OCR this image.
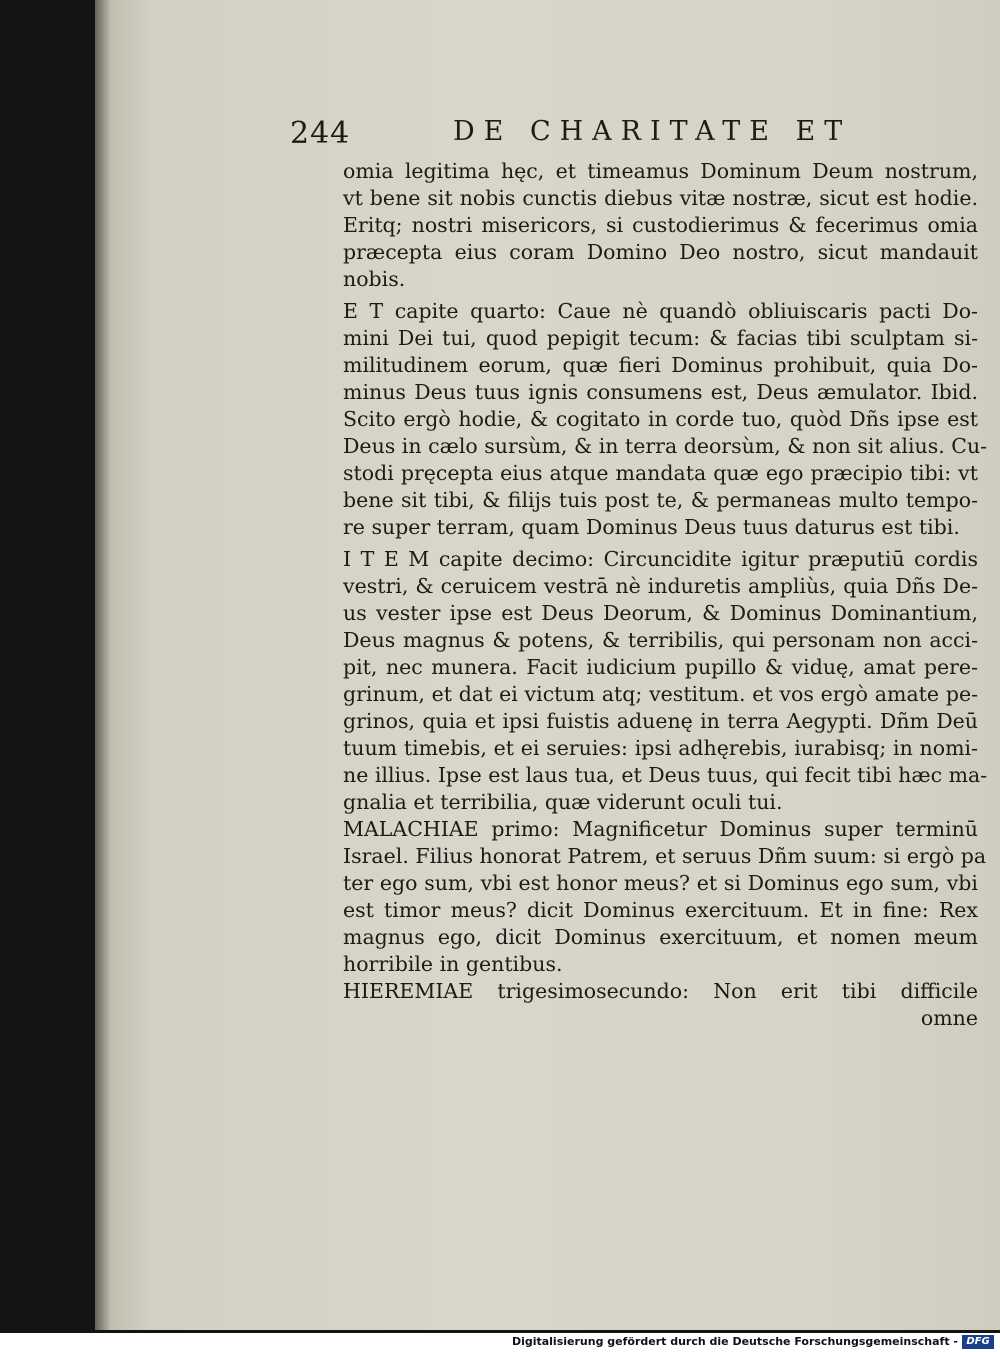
244	DE CHARITATE ET
omia legitima hęc, et timeamus Dominum Deum nostrum,
vt bene sit nobis cunctis diebus vitæ nostræ, sicut est hodie.
Eritq; nostri misericors, si custodierimus & fecerimus omia
præcepta eius coram Domino Deo nostro, sicut mandauit
nobis.
E T capite quarto: Caue nè quandò obliuiscaris pacti Do-
mini Dei tui, quod pepigit tecum: & facias tibi sculptam si-
militudinem eorum, quæ fieri Dominus prohibuit, quia Do-
minus Deus tuus ignis consumens est, Deus æmulator. Ibid.
Scito ergò hodie, & cogitato in corde tuo, quòd Dñs ipse est
Deus in cælo sursùm, & in terra deorsùm, & non sit alius. Cu-
stodi pręcepta eius atque mandata quæ ego præcipio tibi: vt
bene sit tibi, & filijs tuis post te, & permaneas multo tempo-
re super terram, quam Dominus Deus tuus daturus est tibi.
I T E M capite decimo: Circuncidite igitur præputiū cordis
vestri, & ceruicem vestrā nè induretis ampliùs, quia Dñs De-
us vester ipse est Deus Deorum, & Dominus Dominantium,
Deus magnus & potens, & terribilis, qui personam non acci-
pit, nec munera. Facit iudicium pupillo & viduę, amat pere-
grinum, et dat ei victum atq; vestitum. et vos ergò amate pe-
grinos, quia et ipsi fuistis aduenę in terra Aegypti. Dñm Deū
tuum timebis, et ei seruies: ipsi adhęrebis, iurabisq; in nomi-
ne illius. Ipse est laus tua, et Deus tuus, qui fecit tibi hæc ma-
gnalia et terribilia, quæ viderunt oculi tui.
MALACHIAE primo: Magnificetur Dominus super terminū
Israel. Filius honorat Patrem, et seruus Dñm suum: si ergò pa
ter ego sum, vbi est honor meus? et si Dominus ego sum, vbi
est timor meus? dicit Dominus exercituum. Et in fine: Rex
magnus ego, dicit Dominus exercituum, et nomen meum
horribile in gentibus.
HIEREMIAE trigesimosecundo: Non erit tibi difficile
omne
Digitalisierung gefördert durch die Deutsche Forschungsgemeinschaft - DFG
